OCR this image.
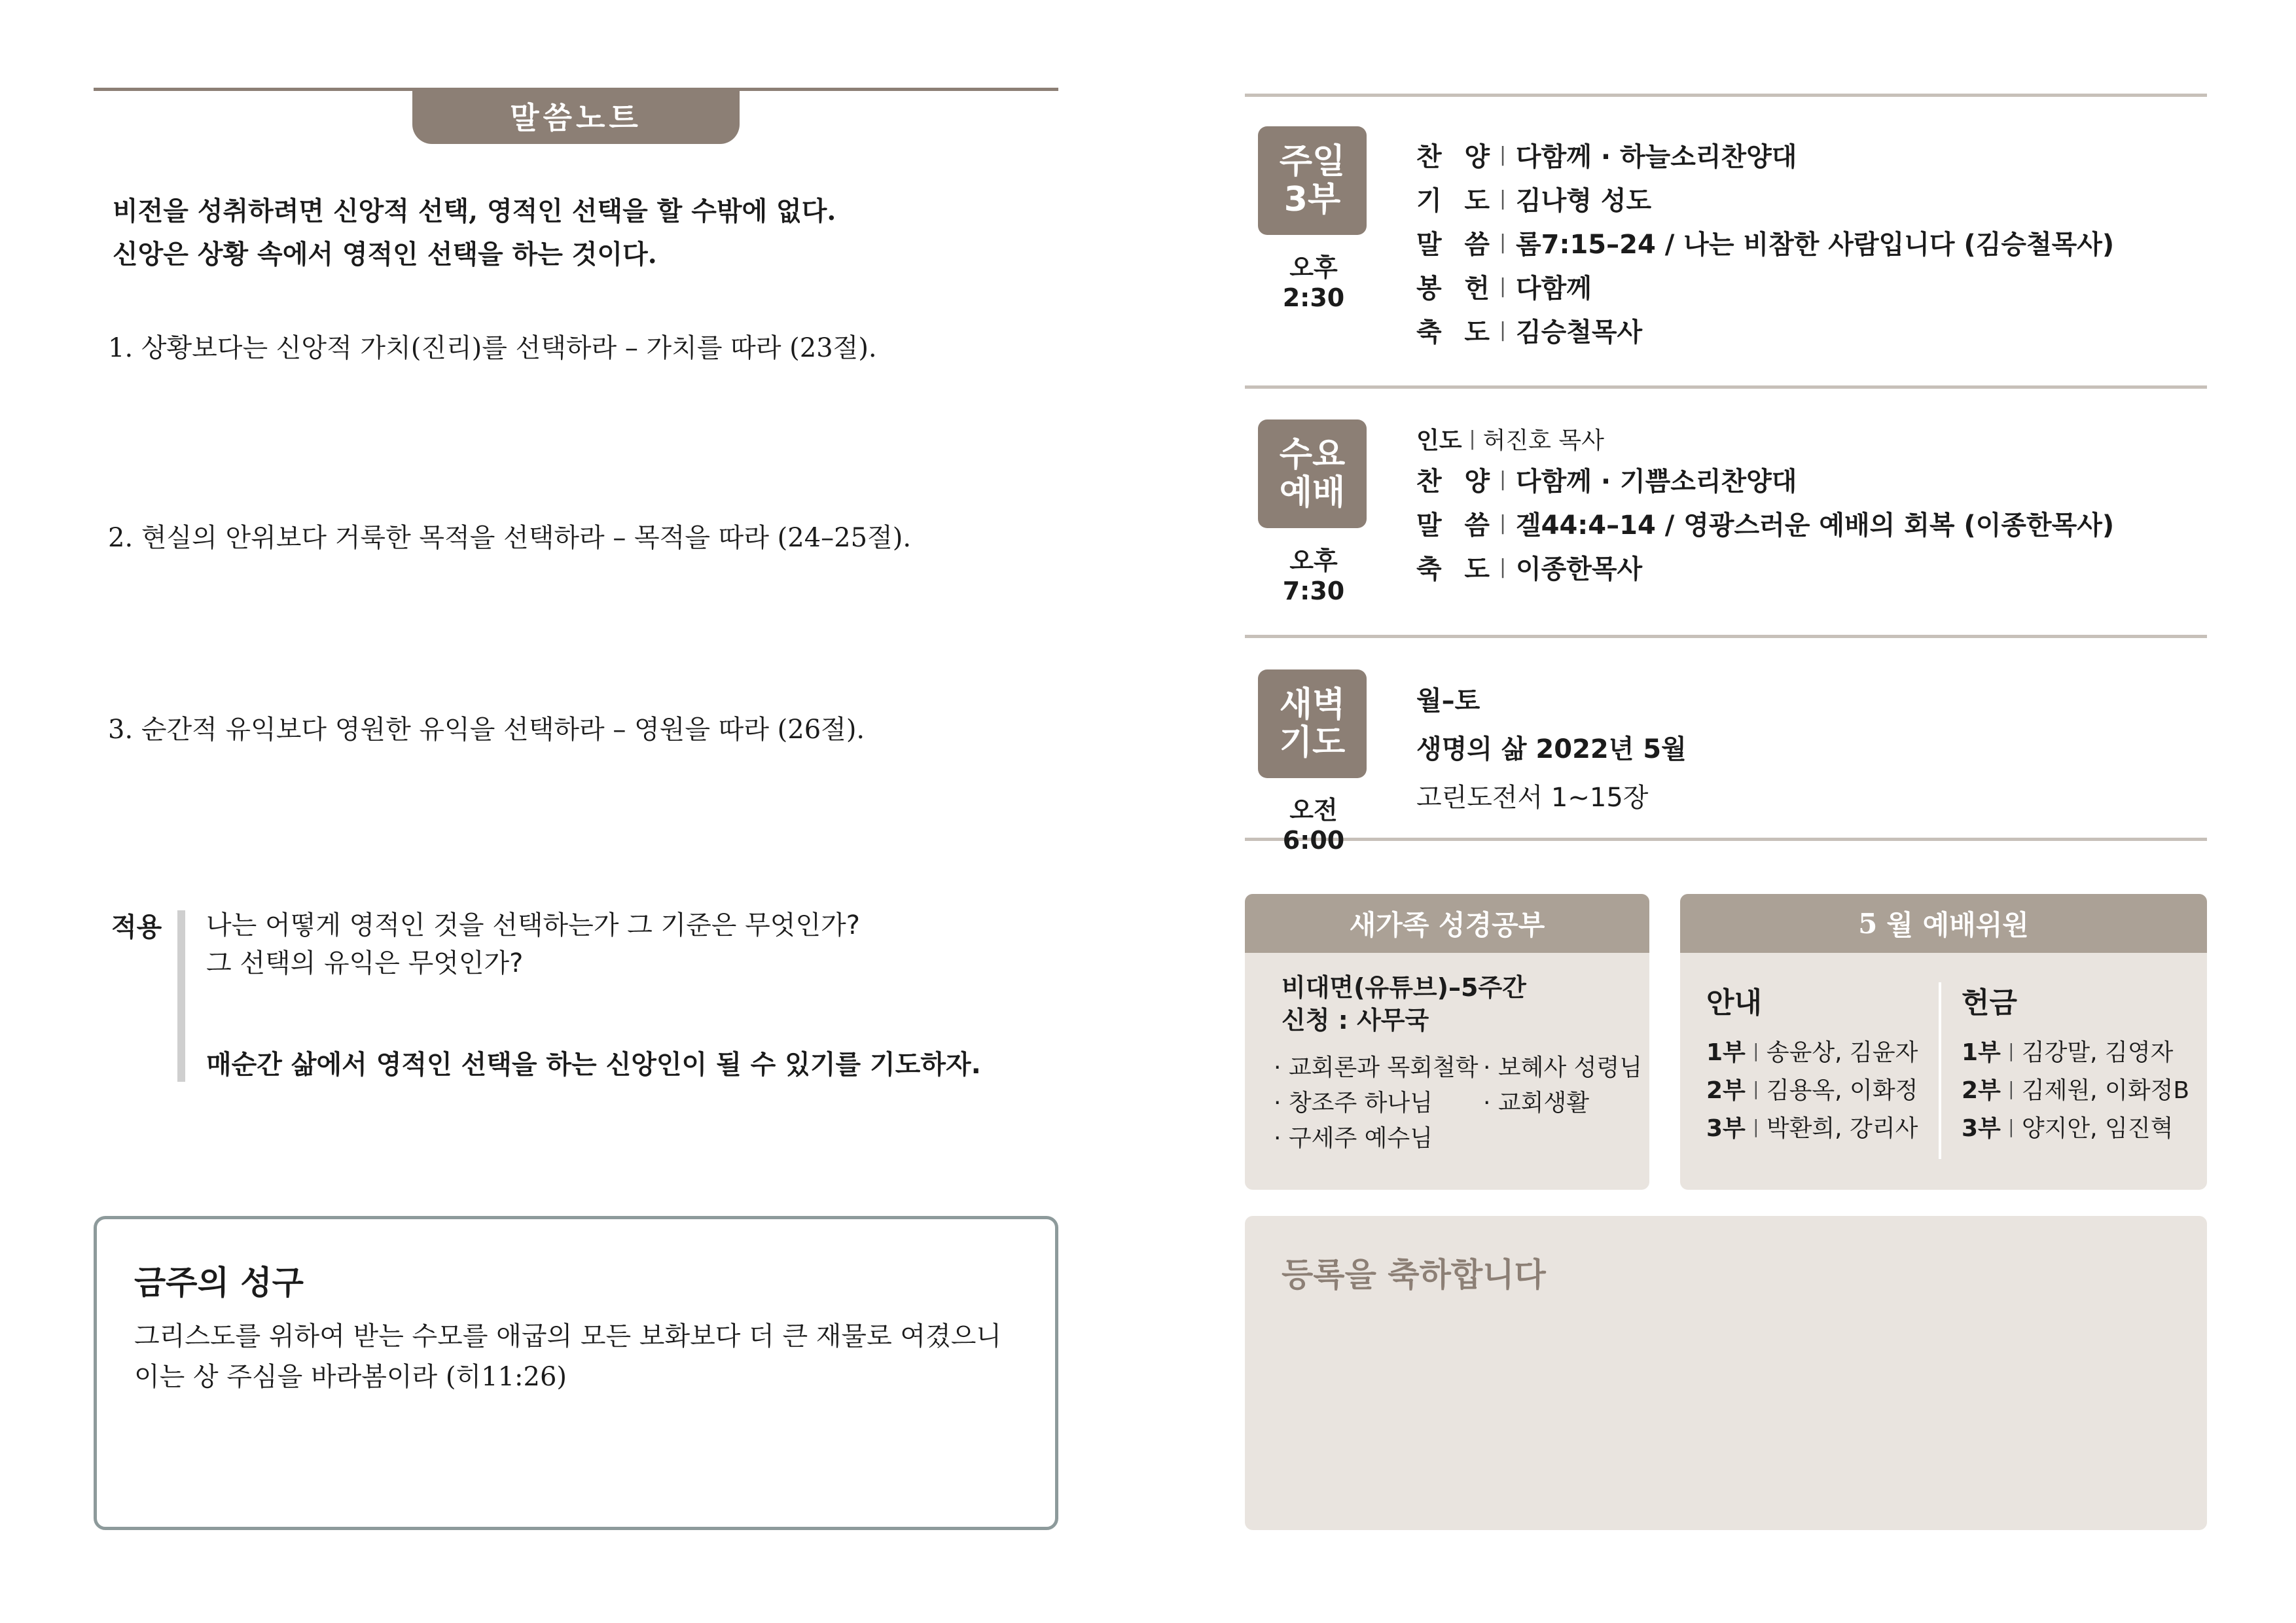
말씀노트
비전을 성취하려면 신앙적 선택, 영적인 선택을 할 수밖에 없다.
신앙은 상황 속에서 영적인 선택을 하는 것이다.
1. 상황보다는 신앙적 가치(진리)를 선택하라 – 가치를 따라 (23절).
2. 현실의 안위보다 거룩한 목적을 선택하라 – 목적을 따라 (24–25절).
3. 순간적 유익보다 영원한 유익을 선택하라 – 영원을 따라 (26절).
적용 나는 어떻게 영적인 것을 선택하는가 그 기준은 무엇인가?
그 선택의 유익은 무엇인가?
매순간 삶에서 영적인 선택을 하는 신앙인이 될 수 있기를 기도하자.
금주의 성구
그리스도를 위하여 받는 수모를 애굽의 모든 보화보다 더 큰 재물로 여겼으니
이는 상 주심을 바라봄이라 (히11:26)
주일
3부
오후 2:30
찬 양 | 다함께 · 하늘소리찬양대
기 도 | 김나형 성도
말 씀 | 롬7:15–24 / 나는 비참한 사람입니다 (김승철목사)
봉 헌 | 다함께
축 도 | 김승철목사
수요
예배
오후 7:30
인도 | 허진호 목사
찬 양 | 다함께 · 기쁨소리찬양대
말 씀 | 겔44:4–14 / 영광스러운 예배의 회복 (이종한목사)
축 도 | 이종한목사
새벽
기도
오전 6:00
월–토
생명의 삶 2022년 5월
고린도전서 1~15장
새가족 성경공부
비대면(유튜브)–5주간
신청 : 사무국
· 교회론과 목회철학 · 보혜사 성령님
· 창조주 하나님	· 교회생활
· 구세주 예수님
5 월 예배위원
안내
1부 | 송윤상, 김윤자
2부 | 김용옥, 이화정
3부 | 박환희, 강리사
헌금
1부 | 김강말, 김영자
2부 | 김제원, 이화정B
3부 | 양지안, 임진혁
등록을 축하합니다
